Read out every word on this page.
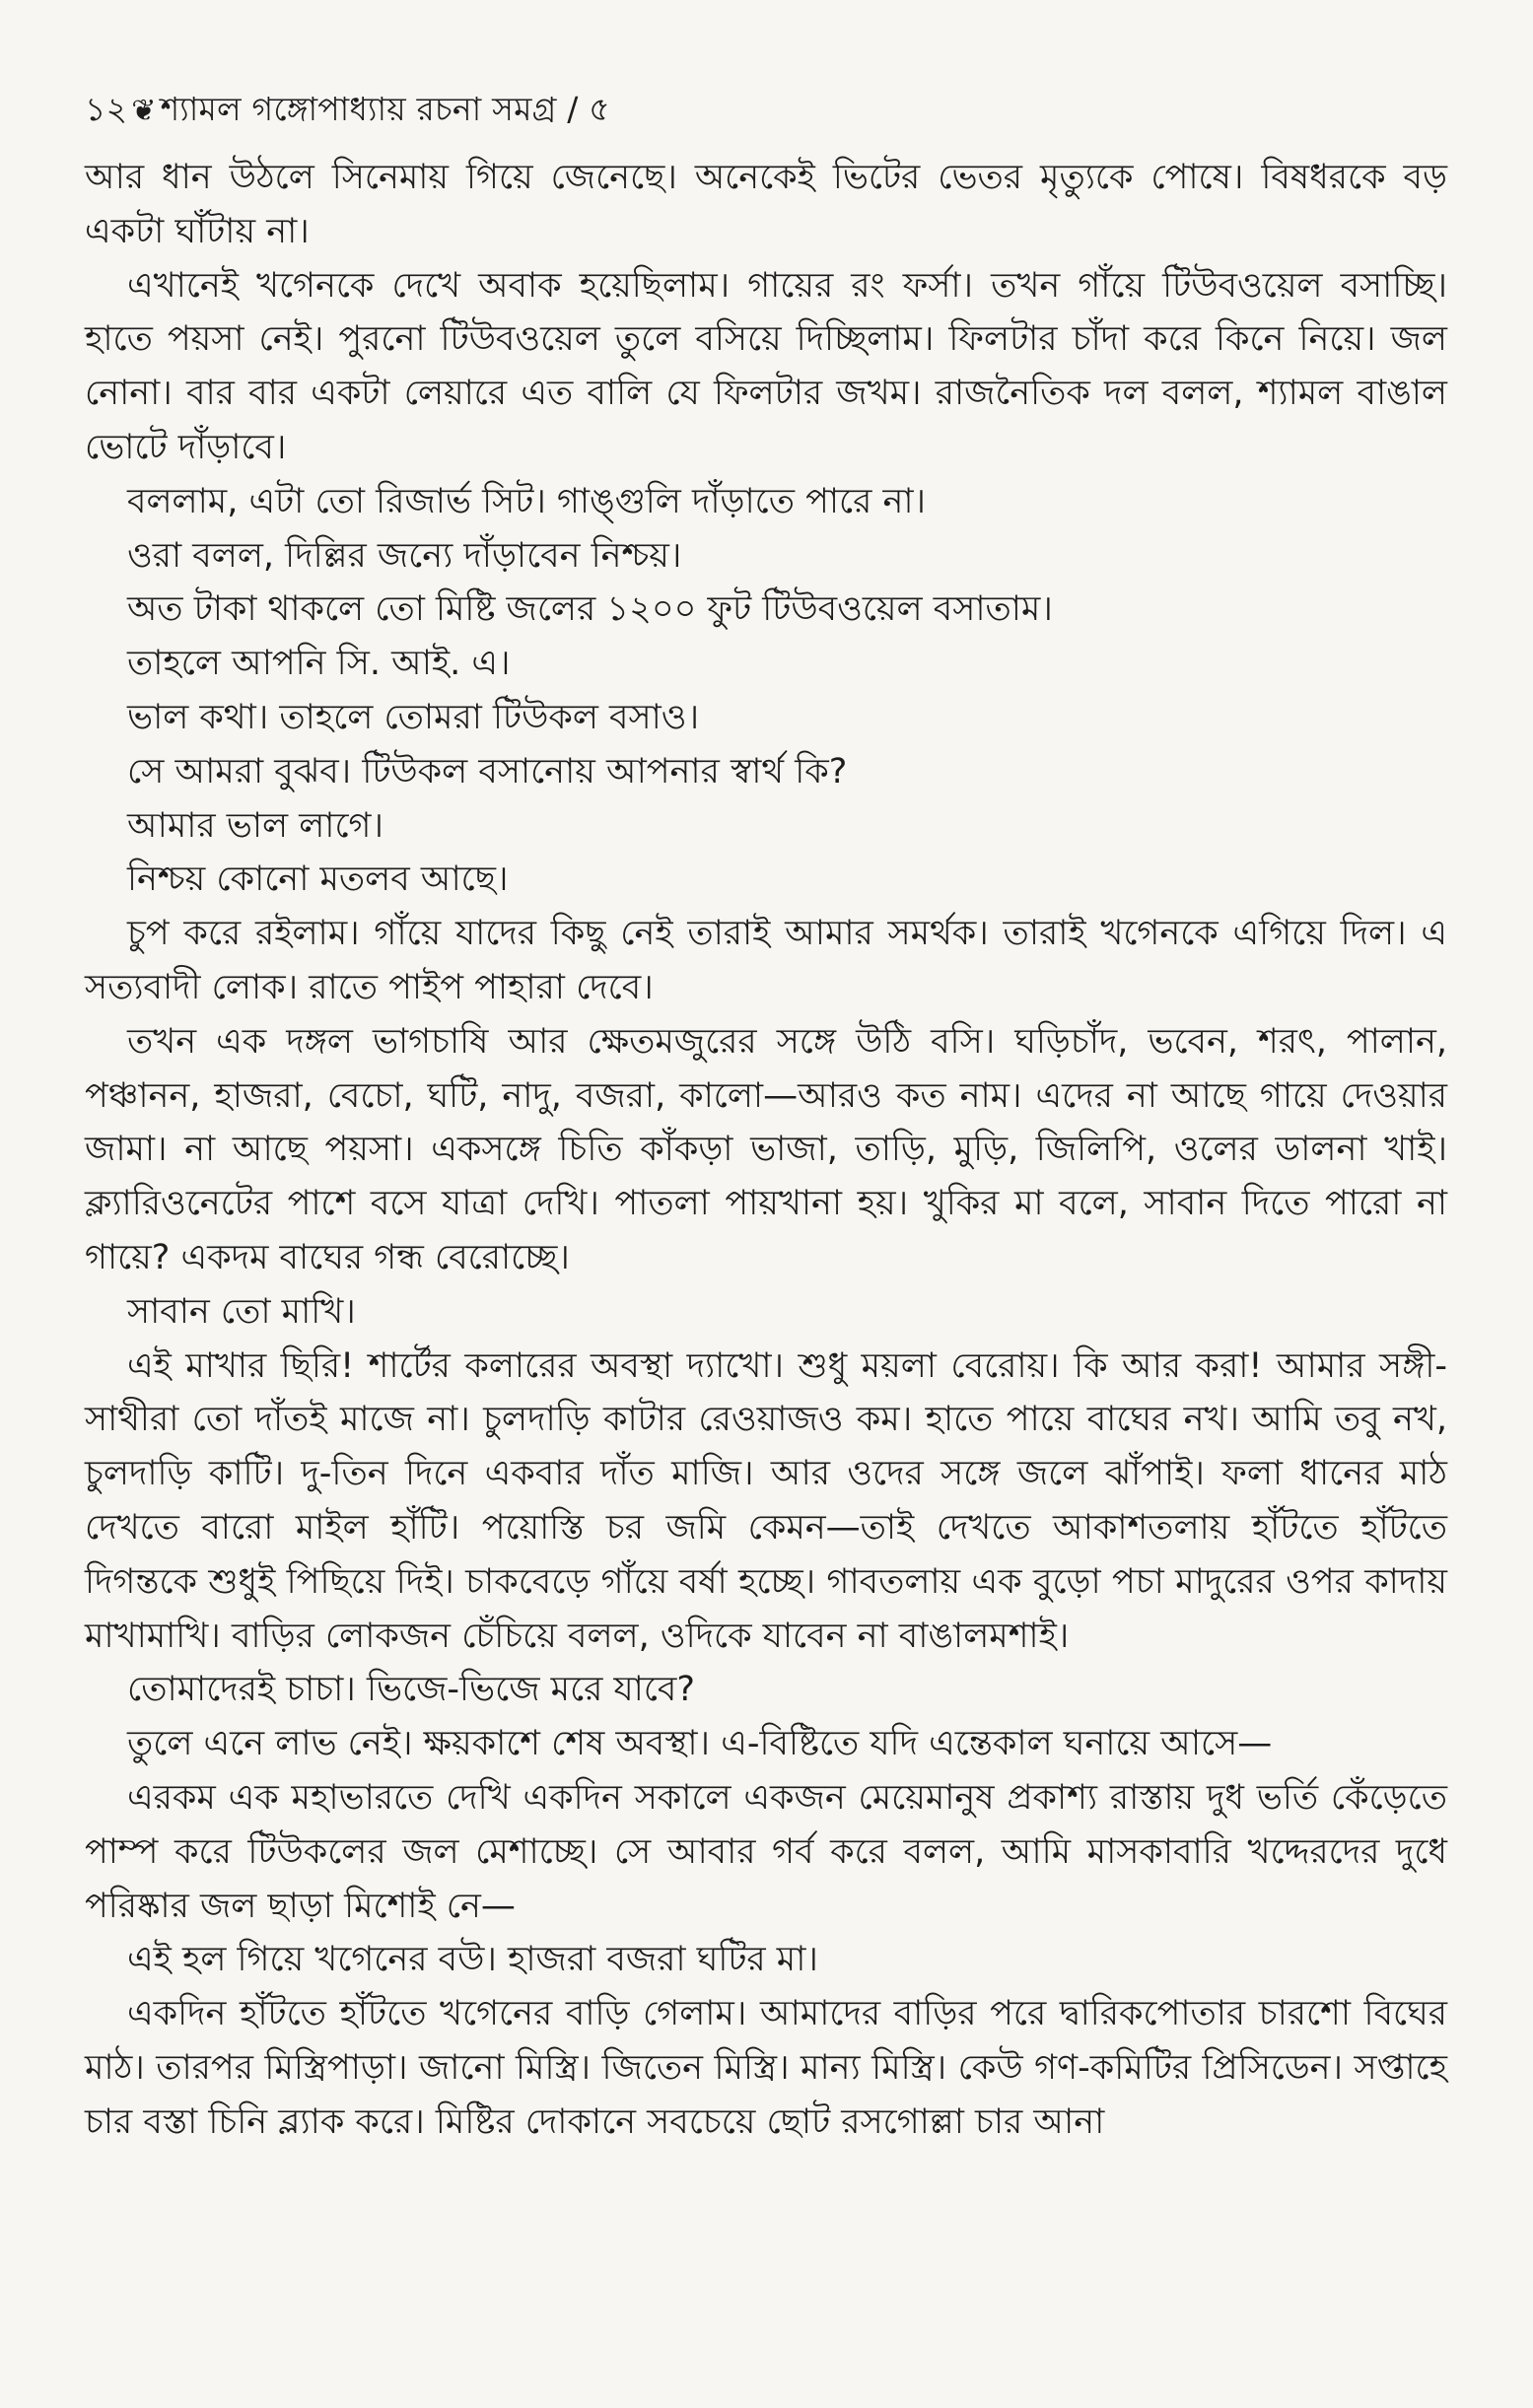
১২ ❦ শ্যামল গঙ্গোপাধ্যায় রচনা সমগ্র / ৫

আর ধান উঠলে সিনেমায় গিয়ে জেনেছে। অনেকেই ভিটের ভেতর মৃত্যুকে পোষে। বিষধরকে বড় একটা ঘাঁটায় না।

এখানেই খগেনকে দেখে অবাক হয়েছিলাম। গায়ের রং ফর্সা। তখন গাঁয়ে টিউবওয়েল বসাচ্ছি। হাতে পয়সা নেই। পুরনো টিউবওয়েল তুলে বসিয়ে দিচ্ছিলাম। ফিলটার চাঁদা করে কিনে নিয়ে। জল নোনা। বার বার একটা লেয়ারে এত বালি যে ফিলটার জখম। রাজনৈতিক দল বলল, শ্যামল বাঙাল ভোটে দাঁড়াবে।

বললাম, এটা তো রিজার্ভ সিট। গাঙ্গুলি দাঁড়াতে পারে না।

ওরা বলল, দিল্লির জন্যে দাঁড়াবেন নিশ্চয়।

অত টাকা থাকলে তো মিষ্টি জলের ১২০০ ফুট টিউবওয়েল বসাতাম।

তাহলে আপনি সি. আই. এ।

ভাল কথা। তাহলে তোমরা টিউকল বসাও।

সে আমরা বুঝব। টিউকল বসানোয় আপনার স্বার্থ কি?

আমার ভাল লাগে।

নিশ্চয় কোনো মতলব আছে।

চুপ করে রইলাম। গাঁয়ে যাদের কিছু নেই তারাই আমার সমর্থক। তারাই খগেনকে এগিয়ে দিল। এ সত্যবাদী লোক। রাতে পাইপ পাহারা দেবে।

তখন এক দঙ্গল ভাগচাষি আর ক্ষেতমজুরের সঙ্গে উঠি বসি। ঘড়িচাঁদ, ভবেন, শরৎ, পালান, পঞ্চানন, হাজরা, বেচো, ঘটি, নাদু, বজরা, কালো—আরও কত নাম। এদের না আছে গায়ে দেওয়ার জামা। না আছে পয়সা। একসঙ্গে চিতি কাঁকড়া ভাজা, তাড়ি, মুড়ি, জিলিপি, ওলের ডালনা খাই। ক্ল্যারিওনেটের পাশে বসে যাত্রা দেখি। পাতলা পায়খানা হয়। খুকির মা বলে, সাবান দিতে পারো না গায়ে? একদম বাঘের গন্ধ বেরোচ্ছে।

সাবান তো মাখি।

এই মাখার ছিরি! শার্টের কলারের অবস্থা দ্যাখো। শুধু ময়লা বেরোয়। কি আর করা! আমার সঙ্গী-সাথীরা তো দাঁতই মাজে না। চুলদাড়ি কাটার রেওয়াজও কম। হাতে পায়ে বাঘের নখ। আমি তবু নখ, চুলদাড়ি কাটি। দু-তিন দিনে একবার দাঁত মাজি। আর ওদের সঙ্গে জলে ঝাঁপাই। ফলা ধানের মাঠ দেখতে বারো মাইল হাঁটি। পয়োস্তি চর জমি কেমন—তাই দেখতে আকাশতলায় হাঁটতে হাঁটতে দিগন্তকে শুধুই পিছিয়ে দিই। চাকবেড়ে গাঁয়ে বর্ষা হচ্ছে। গাবতলায় এক বুড়ো পচা মাদুরের ওপর কাদায় মাখামাখি। বাড়ির লোকজন চেঁচিয়ে বলল, ওদিকে যাবেন না বাঙালমশাই।

তোমাদেরই চাচা। ভিজে-ভিজে মরে যাবে?

তুলে এনে লাভ নেই। ক্ষয়কাশে শেষ অবস্থা। এ-বিষ্টিতে যদি এন্তেকাল ঘনায়ে আসে—

এরকম এক মহাভারতে দেখি একদিন সকালে একজন মেয়েমানুষ প্রকাশ্য রাস্তায় দুধ ভর্তি কেঁড়েতে পাম্প করে টিউকলের জল মেশাচ্ছে। সে আবার গর্ব করে বলল, আমি মাসকাবারি খদ্দেরদের দুধে পরিষ্কার জল ছাড়া মিশোই নে—

এই হল গিয়ে খগেনের বউ। হাজরা বজরা ঘটির মা।

একদিন হাঁটতে হাঁটতে খগেনের বাড়ি গেলাম। আমাদের বাড়ির পরে দ্বারিকপোতার চারশো বিঘের মাঠ। তারপর মিস্ত্রিপাড়া। জানো মিস্ত্রি। জিতেন মিস্ত্রি। মান্য মিস্ত্রি। কেউ গণ-কমিটির প্রিসিডেন। সপ্তাহে চার বস্তা চিনি ব্ল্যাক করে। মিষ্টির দোকানে সবচেয়ে ছোট রসগোল্লা চার আনা
